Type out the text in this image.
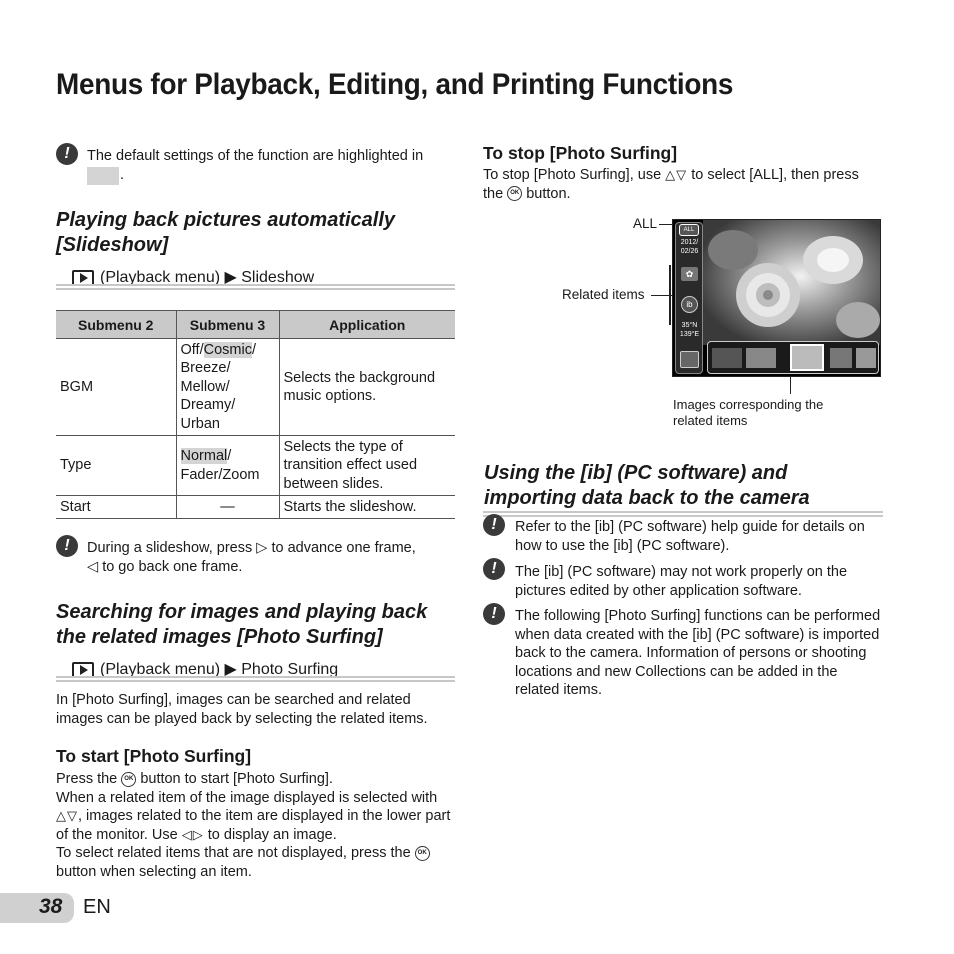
Menus for Playback, Editing, and Printing Functions
!	The default settings of the function are highlighted in
.
Playing back pictures automatically
[Slideshow]
(Playback menu) ▶ Slideshow
Submenu 2	Submenu 3	Application
BGM	Off/Cosmic/ Breeze/ Mellow/ Dreamy/ Urban	Selects the background music options.
Type	Normal/ Fader/Zoom	Selects the type of transition effect used between slides.
Start	—	Starts the slideshow.
!	During a slideshow, press ▷ to advance one frame,
◁ to go back one frame.
Searching for images and playing back
the related images [Photo Surfing]
(Playback menu) ▶ Photo Surfing
In [Photo Surfing], images can be searched and related images can be played back by selecting the related items.
To start [Photo Surfing]
Press the OK button to start [Photo Surfing].
When a related item of the image displayed is selected with △▽, images related to the item are displayed in the lower part of the monitor. Use ◁▷ to display an image.
To select related items that are not displayed, press the OK button when selecting an item.
38 EN
To stop [Photo Surfing]
To stop [Photo Surfing], use △▽ to select [ALL], then press the OK button.
ALL
Related items
ALL
2012/
02/26
✿
ib
35°N
139°E
Images corresponding the related items
Using the [ib] (PC software) and
importing data back to the camera
!	Refer to the [ib] (PC software) help guide for details on how to use the [ib] (PC software).
!	The [ib] (PC software) may not work properly on the pictures edited by other application software.
!	The following [Photo Surfing] functions can be performed when data created with the [ib] (PC software) is imported back to the camera. Information of persons or shooting locations and new Collections can be added in the related items.
